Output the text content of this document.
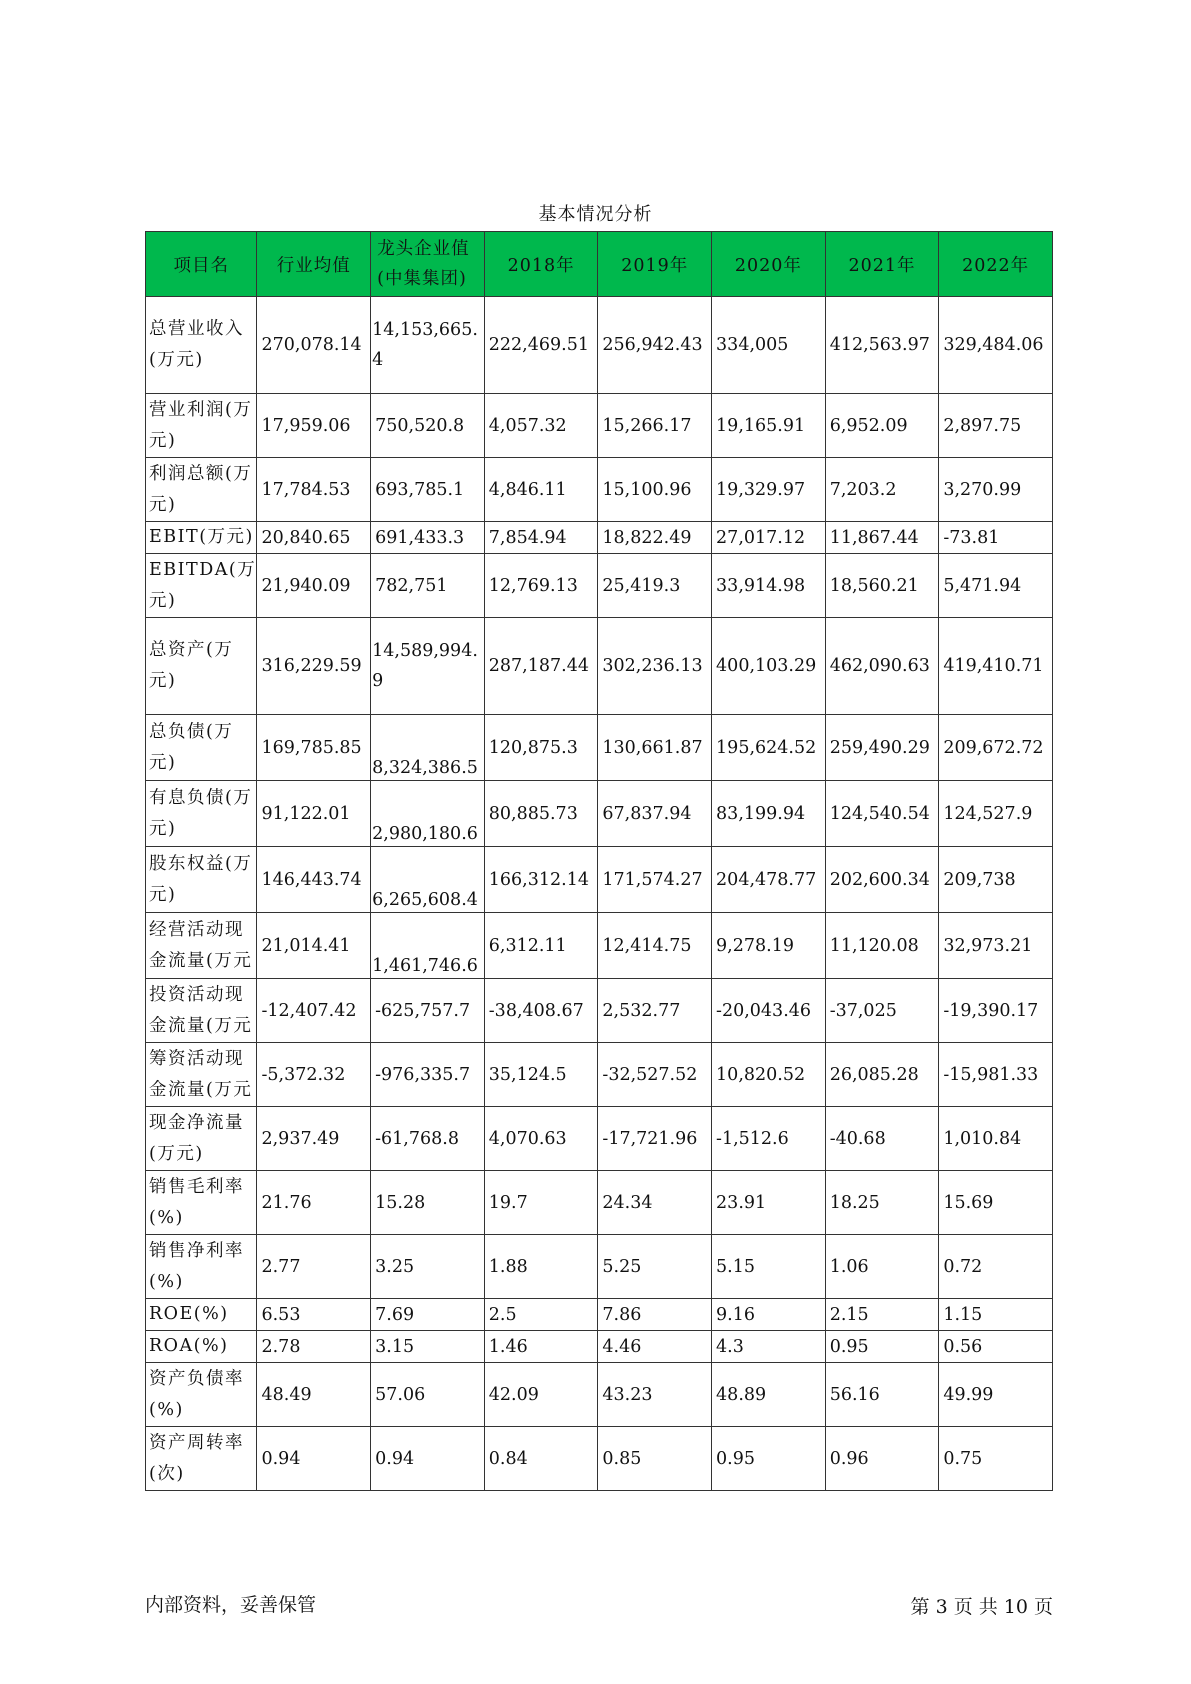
基本情况分析
项目名	行业均值	龙头企业值(中集集团)	2018年	2019年	2020年	2021年	2022年
总营业收入(万元)	270,078.14	14,153,665.4	222,469.51	256,942.43	334,005	412,563.97	329,484.06
营业利润(万元)	17,959.06	750,520.8	4,057.32	15,266.17	19,165.91	6,952.09	2,897.75
利润总额(万元)	17,784.53	693,785.1	4,846.11	15,100.96	19,329.97	7,203.2	3,270.99
EBIT(万元)	20,840.65	691,433.3	7,854.94	18,822.49	27,017.12	11,867.44	-73.81
EBITDA(万元)	21,940.09	782,751	12,769.13	25,419.3	33,914.98	18,560.21	5,471.94
总资产(万元)	316,229.59	14,589,994.9	287,187.44	302,236.13	400,103.29	462,090.63	419,410.71
总负债(万元)	169,785.85	8,324,386.5	120,875.3	130,661.87	195,624.52	259,490.29	209,672.72
有息负债(万元)	91,122.01	2,980,180.6	80,885.73	67,837.94	83,199.94	124,540.54	124,527.9
股东权益(万元)	146,443.74	6,265,608.4	166,312.14	171,574.27	204,478.77	202,600.34	209,738
经营活动现金流量(万元	21,014.41	1,461,746.6	6,312.11	12,414.75	9,278.19	11,120.08	32,973.21
投资活动现金流量(万元	-12,407.42	-625,757.7	-38,408.67	2,532.77	-20,043.46	-37,025	-19,390.17
筹资活动现金流量(万元	-5,372.32	-976,335.7	35,124.5	-32,527.52	10,820.52	26,085.28	-15,981.33
现金净流量(万元)	2,937.49	-61,768.8	4,070.63	-17,721.96	-1,512.6	-40.68	1,010.84
销售毛利率(%)	21.76	15.28	19.7	24.34	23.91	18.25	15.69
销售净利率(%)	2.77	3.25	1.88	5.25	5.15	1.06	0.72
ROE(%)	6.53	7.69	2.5	7.86	9.16	2.15	1.15
ROA(%)	2.78	3.15	1.46	4.46	4.3	0.95	0.56
资产负债率(%)	48.49	57.06	42.09	43.23	48.89	56.16	49.99
资产周转率(次)	0.94	0.94	0.84	0.85	0.95	0.96	0.75
内部资料，妥善保管	第 3 页 共 10 页
